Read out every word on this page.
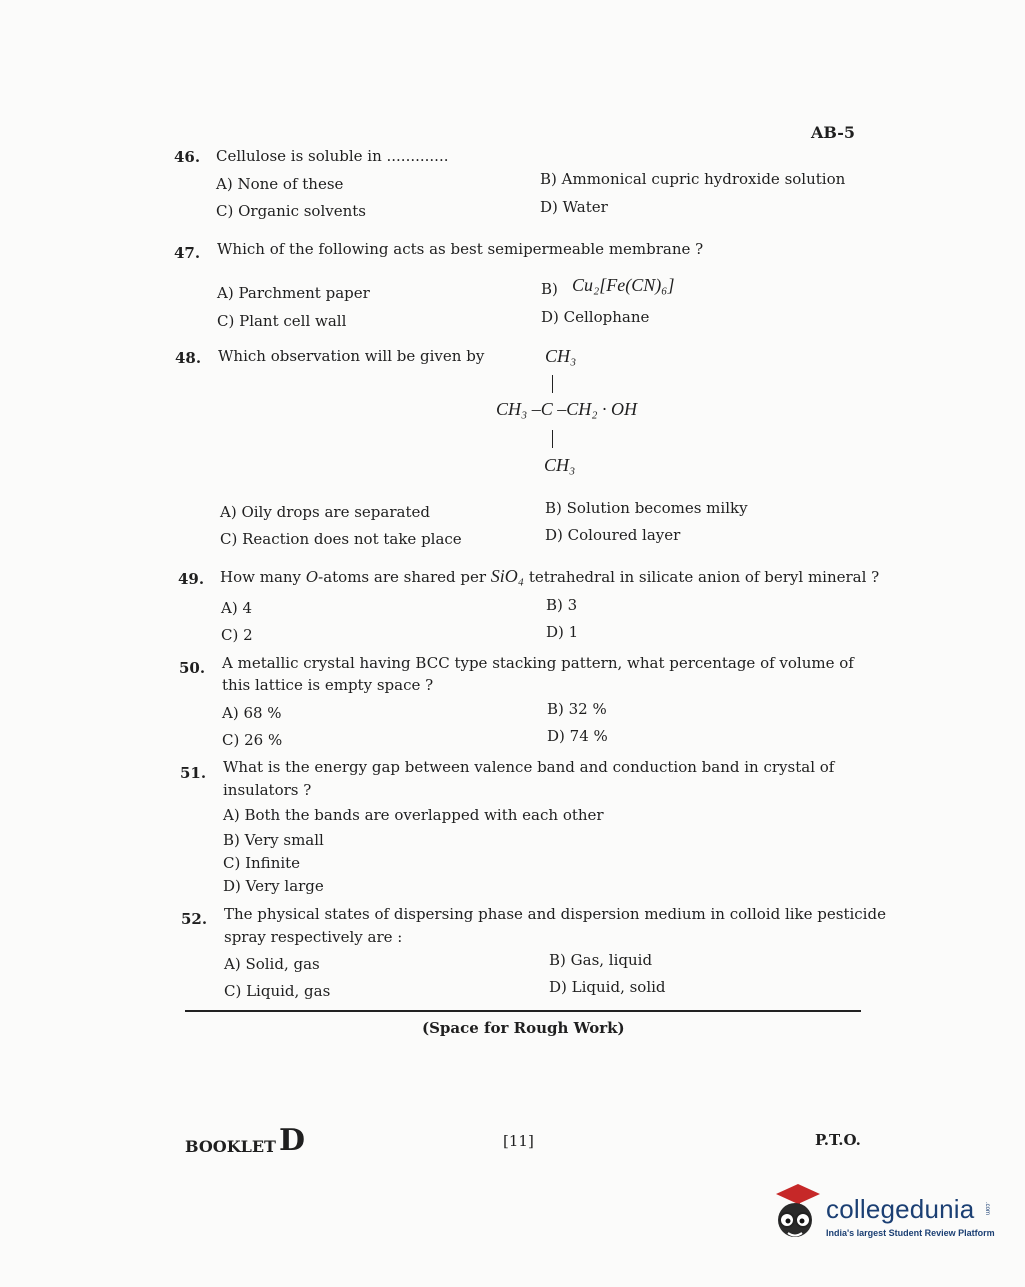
AB-5
46. Cellulose is soluble in .............
A) None of these	B) Ammonical cupric hydroxide solution
C) Organic solvents	D) Water
47. Which of the following acts as best semipermeable membrane ?
A) Parchment paper	B) Cu₂[Fe(CN)₆]
C) Plant cell wall	D) Cellophane
48. Which observation will be given by	CH₃
CH₃ –C –CH₂ · OH
CH₃
A) Oily drops are separated	B) Solution becomes milky
C) Reaction does not take place	D) Coloured layer
49. How many O-atoms are shared per SiO₄ tetrahedral in silicate anion of beryl mineral ?
A) 4	B) 3
C) 2	D) 1
50. A metallic crystal having BCC type stacking pattern, what percentage of volume of
this lattice is empty space ?
A) 68 %	B) 32 %
C) 26 %	D) 74 %
51. What is the energy gap between valence band and conduction band in crystal of
insulators ?
A) Both the bands are overlapped with each other
B) Very small
C) Infinite
D) Very large
52. The physical states of dispersing phase and dispersion medium in colloid like pesticide
spray respectively are :
A) Solid, gas	B) Gas, liquid
C) Liquid, gas	D) Liquid, solid
(Space for Rough Work)
BOOKLET D	[11]	P.T.O.
collegedunia .com
India's largest Student Review Platform
